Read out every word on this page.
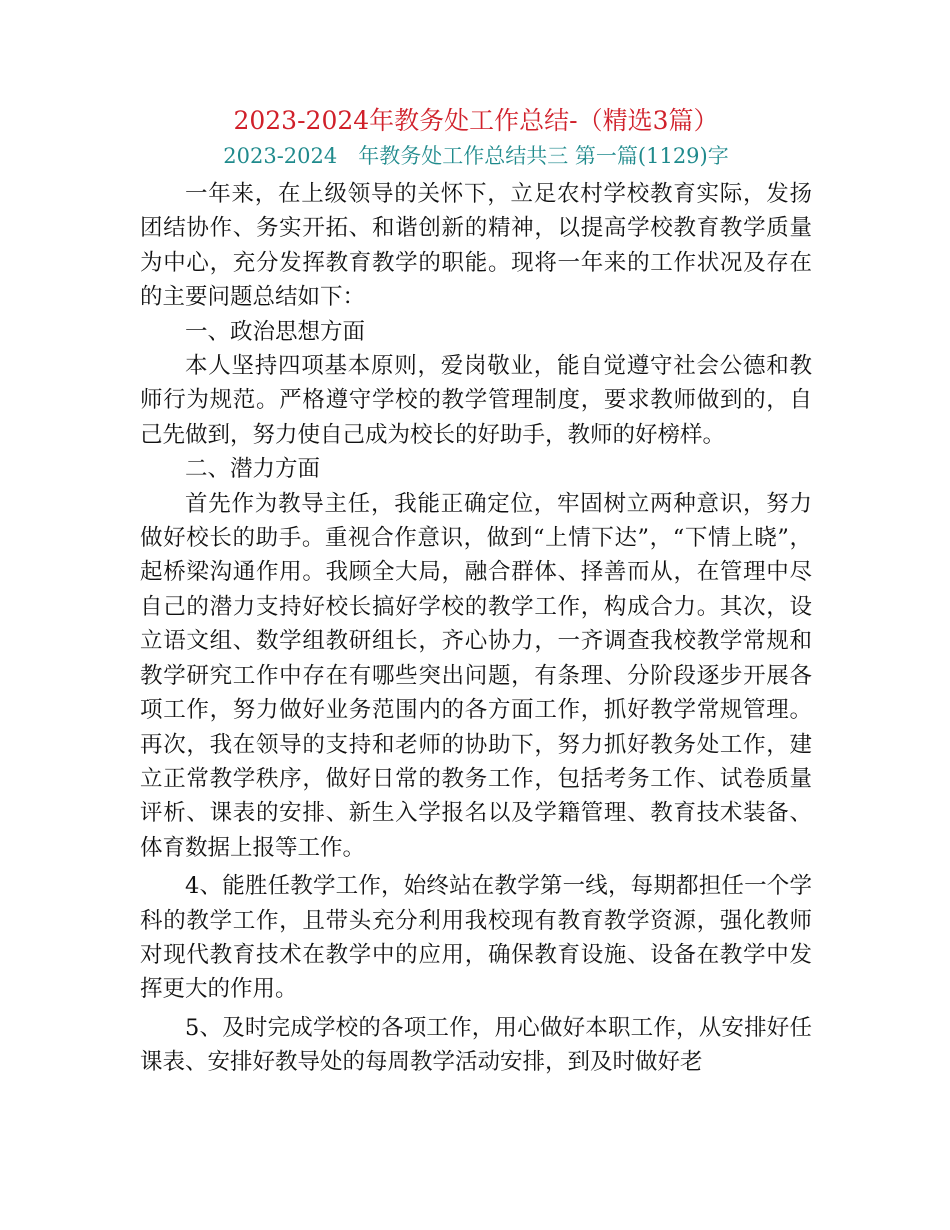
2023-2024年教务处工作总结-（精选3篇）
2023-2024　年教务处工作总结共三 第一篇(1129)字

一年来，在上级领导的关怀下，立足农村学校教育实际，发扬团结协作、务实开拓、和谐创新的精神，以提高学校教育教学质量为中心，充分发挥教育教学的职能。现将一年来的工作状况及存在的主要问题总结如下：

一、政治思想方面

本人坚持四项基本原则，爱岗敬业，能自觉遵守社会公德和教师行为规范。严格遵守学校的教学管理制度，要求教师做到的，自己先做到，努力使自己成为校长的好助手，教师的好榜样。

二、潜力方面

首先作为教导主任，我能正确定位，牢固树立两种意识，努力做好校长的助手。重视合作意识，做到“上情下达”，“下情上晓”，起桥梁沟通作用。我顾全大局，融合群体、择善而从，在管理中尽自己的潜力支持好校长搞好学校的教学工作，构成合力。其次，设立语文组、数学组教研组长，齐心协力，一齐调查我校教学常规和教学研究工作中存在有哪些突出问题，有条理、分阶段逐步开展各项工作，努力做好业务范围内的各方面工作，抓好教学常规管理。再次，我在领导的支持和老师的协助下，努力抓好教务处工作，建立正常教学秩序，做好日常的教务工作，包括考务工作、试卷质量评析、课表的安排、新生入学报名以及学籍管理、教育技术装备、体育数据上报等工作。

4、能胜任教学工作，始终站在教学第一线，每期都担任一个学科的教学工作，且带头充分利用我校现有教育教学资源，强化教师对现代教育技术在教学中的应用，确保教育设施、设备在教学中发挥更大的作用。

5、及时完成学校的各项工作，用心做好本职工作，从安排好任课表、安排好教导处的每周教学活动安排，到及时做好老
